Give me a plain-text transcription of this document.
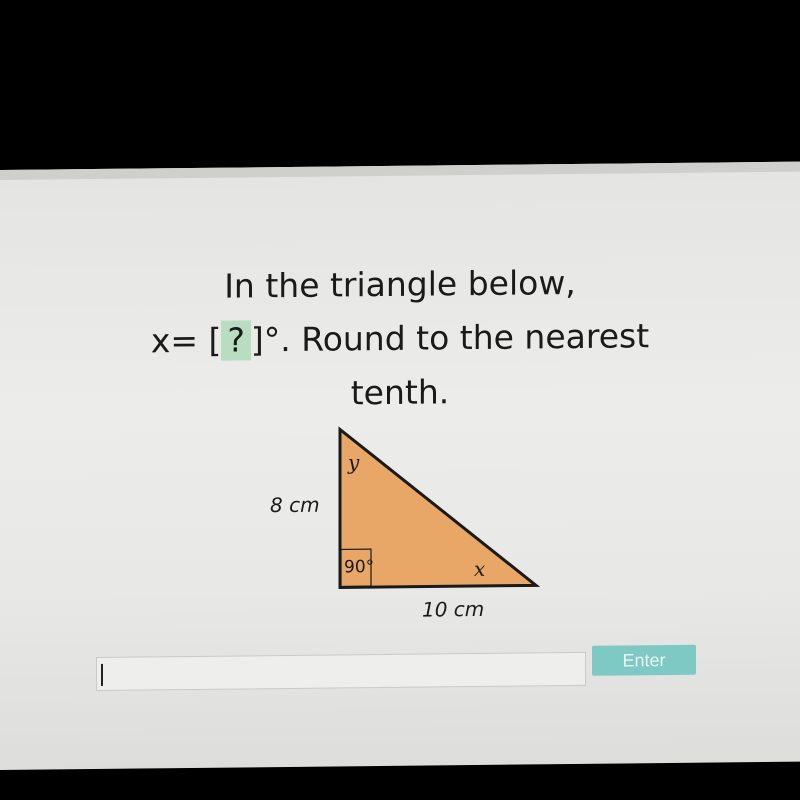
In the triangle below,
x= [?]°. Round to the nearest
tenth.
8 cm
10 cm
y
x
90°
Enter
